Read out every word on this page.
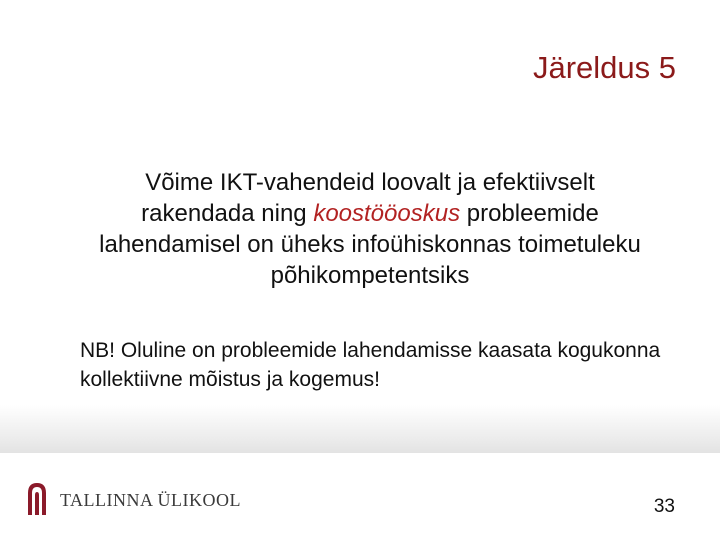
Järeldus 5
Võime IKT-vahendeid loovalt ja efektiivselt rakendada ning koostööoskus probleemide lahendamisel on üheks infoühiskonnas toimetuleku põhikompetentsiks
NB! Oluline on probleemide lahendamisse kaasata kogukonna kollektiivne mõistus ja kogemus!
TALLINNA ÜLIKOOL	33
